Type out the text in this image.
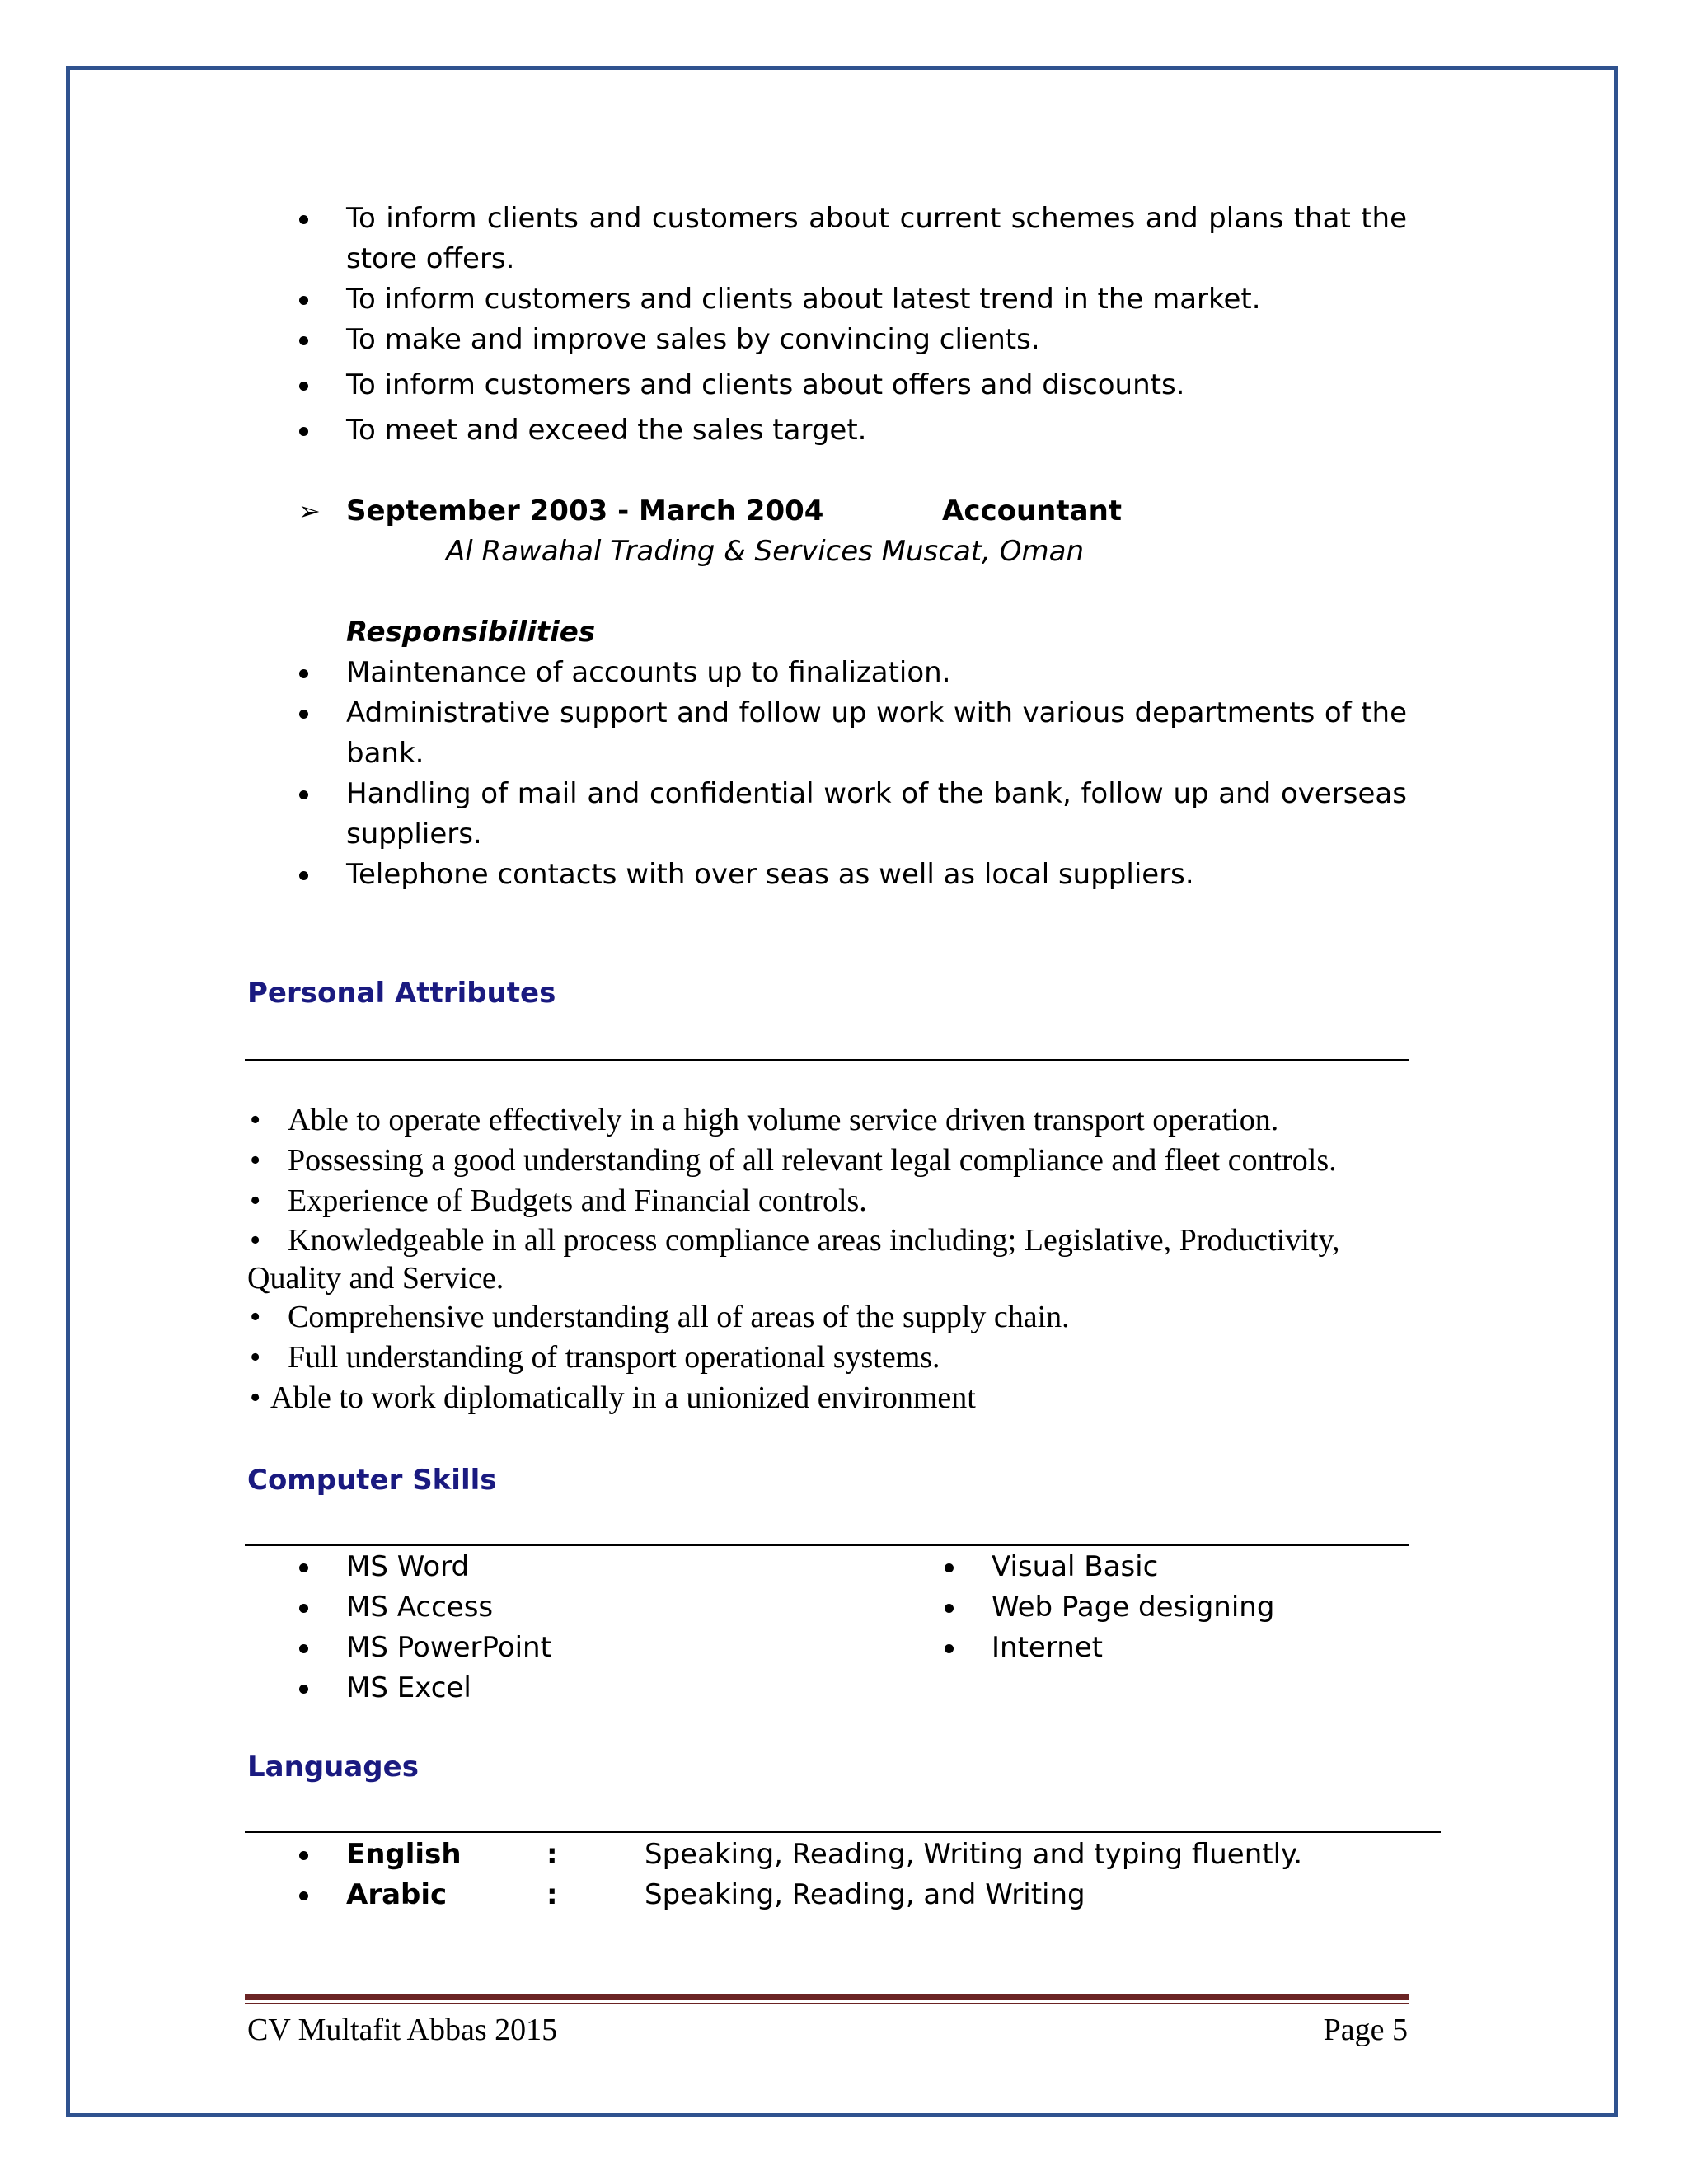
To inform clients and customers about current schemes and plans that the store offers.
To inform customers and clients about latest trend in the market.
To make and improve sales by convincing clients.
To inform customers and clients about offers and discounts.
To meet and exceed the sales target.
➢ September 2003 - March 2004	Accountant
Al Rawahal Trading & Services Muscat, Oman
Responsibilities
Maintenance of accounts up to finalization.
Administrative support and follow up work with various departments of the bank.
Handling of mail and confidential work of the bank, follow up and overseas suppliers.
Telephone contacts with over seas as well as local suppliers.
Personal Attributes
• Able to operate effectively in a high volume service driven transport operation.
• Possessing a good understanding of all relevant legal compliance and fleet controls.
• Experience of Budgets and Financial controls.
• Knowledgeable in all process compliance areas including; Legislative, Productivity, Quality and Service.
• Comprehensive understanding all of areas of the supply chain.
• Full understanding of transport operational systems.
• Able to work diplomatically in a unionized environment
Computer Skills
MS Word
MS Access
MS PowerPoint
MS Excel
Visual Basic
Web Page designing
Internet
Languages
English	:	Speaking, Reading, Writing and typing fluently.
Arabic	:	Speaking, Reading, and Writing
CV Multafit Abbas 2015	Page 5
